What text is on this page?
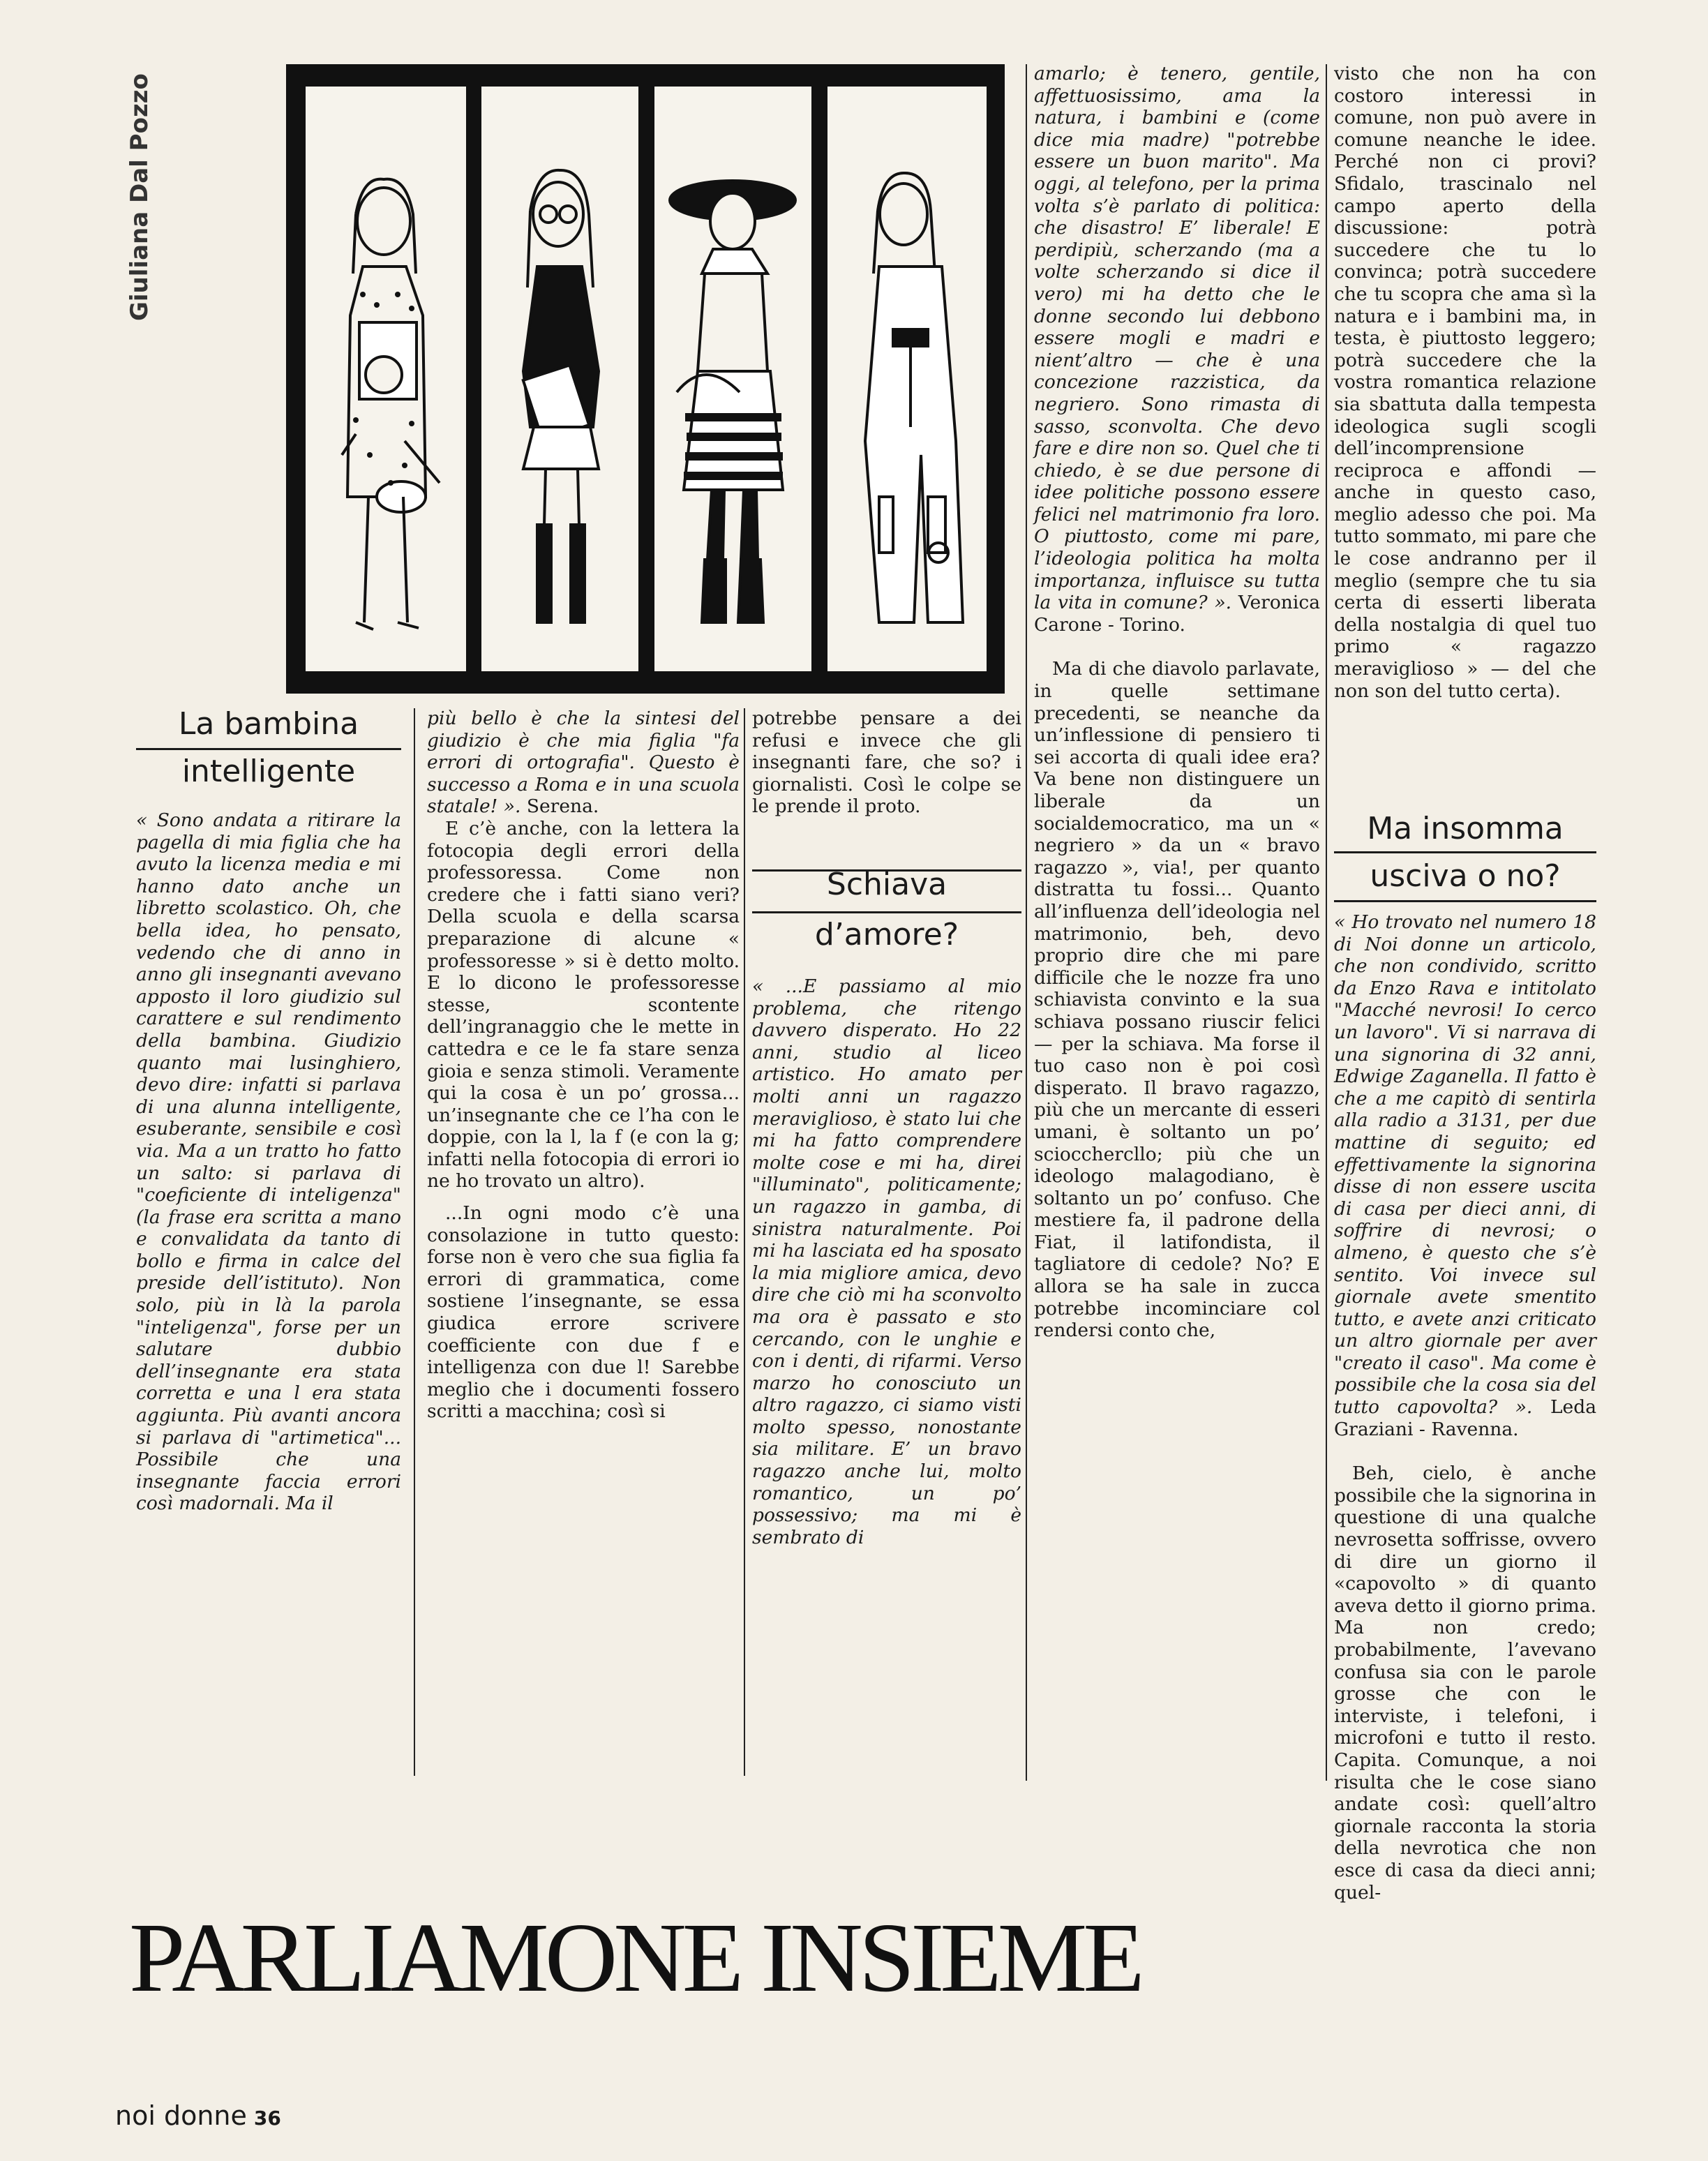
Giuliana Dal Pozzo
La bambina
intelligente

« Sono andata a ritirare la pagella di mia figlia che ha avuto la licenza media e mi hanno dato anche un libretto scolastico. Oh, che bella idea, ho pensato, vedendo che di anno in anno gli insegnanti avevano apposto il loro giudizio sul carattere e sul rendimento della bambina. Giudizio quanto mai lusinghiero, devo dire: infatti si parlava di una alunna intelligente, esuberante, sensibile e così via. Ma a un tratto ho fatto un salto: si parlava di "coeficiente di inteligenza" (la frase era scritta a mano e convalidata da tanto di bollo e firma in calce del preside dell’istituto). Non solo, più in là la parola "inteligenza", forse per un salutare dubbio dell’insegnante era stata corretta e una l era stata aggiunta. Più avanti ancora si parlava di "artimetica"... Possibile che una insegnante faccia errori così madornali. Ma il

più bello è che la sintesi del giudizio è che mia figlia "fa errori di ortografia". Questo è successo a Roma e in una scuola statale! ». Serena.

E c’è anche, con la lettera la fotocopia degli errori della professoressa. Come non credere che i fatti siano veri? Della scuola e della scarsa preparazione di alcune « professoresse » si è detto molto. E lo dicono le professoresse stesse, scontente dell’ingranaggio che le mette in cattedra e ce le fa stare senza gioia e senza stimoli. Veramente qui la cosa è un po’ grossa... un’insegnante che ce l’ha con le doppie, con la l, la f (e con la g; infatti nella fotocopia di errori io ne ho trovato un altro).

...In ogni modo c’è una consolazione in tutto questo: forse non è vero che sua figlia fa errori di grammatica, come sostiene l’insegnante, se essa giudica errore scrivere coefficiente con due f e intelligenza con due l! Sarebbe meglio che i documenti fossero scritti a macchina; così si

potrebbe pensare a dei refusi e invece che gli insegnanti fare, che so? i giornalisti. Così le colpe se le prende il proto.

Schiava
d’amore?

« ...E passiamo al mio problema, che ritengo davvero disperato. Ho 22 anni, studio al liceo artistico. Ho amato per molti anni un ragazzo meraviglioso, è stato lui che mi ha fatto comprendere molte cose e mi ha, direi "illuminato", politicamente; un ragazzo in gamba, di sinistra naturalmente. Poi mi ha lasciata ed ha sposato la mia migliore amica, devo dire che ciò mi ha sconvolto ma ora è passato e sto cercando, con le unghie e con i denti, di rifarmi. Verso marzo ho conosciuto un altro ragazzo, ci siamo visti molto spesso, nonostante sia militare. E’ un bravo ragazzo anche lui, molto romantico, un po’ possessivo; ma mi è sembrato di

amarlo; è tenero, gentile, affettuosissimo, ama la natura, i bambini e (come dice mia madre) "potrebbe essere un buon marito". Ma oggi, al telefono, per la prima volta s’è parlato di politica: che disastro! E’ liberale! E perdipiù, scherzando (ma a volte scherzando si dice il vero) mi ha detto che le donne secondo lui debbono essere mogli e madri e nient’altro — che è una concezione razzistica, da negriero. Sono rimasta di sasso, sconvolta. Che devo fare e dire non so. Quel che ti chiedo, è se due persone di idee politiche possono essere felici nel matrimonio fra loro. O piuttosto, come mi pare, l’ideologia politica ha molta importanza, influisce su tutta la vita in comune? ». Veronica Carone - Torino.

Ma di che diavolo parlavate, in quelle settimane precedenti, se neanche da un’inflessione di pensiero ti sei accorta di quali idee era? Va bene non distinguere un liberale da un socialdemocratico, ma un « negriero » da un « bravo ragazzo », via!, per quanto distratta tu fossi... Quanto all’influenza dell’ideologia nel matrimonio, beh, devo proprio dire che mi pare difficile che le nozze fra uno schiavista convinto e la sua schiava possano riuscir felici — per la schiava. Ma forse il tuo caso non è poi così disperato. Il bravo ragazzo, più che un mercante di esseri umani, è soltanto un po’ sciocchercllo; più che un ideologo malagodiano, è soltanto un po’ confuso. Che mestiere fa, il padrone della Fiat, il latifondista, il tagliatore di cedole? No? E allora se ha sale in zucca potrebbe incominciare col rendersi conto che,

visto che non ha con costoro interessi in comune, non può avere in comune neanche le idee. Perché non ci provi? Sfidalo, trascinalo nel campo aperto della discussione: potrà succedere che tu lo convinca; potrà succedere che tu scopra che ama sì la natura e i bambini ma, in testa, è piuttosto leggero; potrà succedere che la vostra romantica relazione sia sbattuta dalla tempesta ideologica sugli scogli dell’incomprensione reciproca e affondi — anche in questo caso, meglio adesso che poi. Ma tutto sommato, mi pare che le cose andranno per il meglio (sempre che tu sia certa di esserti liberata della nostalgia di quel tuo primo « ragazzo meraviglioso » — del che non son del tutto certa).

Ma insomma
usciva o no?

« Ho trovato nel numero 18 di Noi donne un articolo, che non condivido, scritto da Enzo Rava e intitolato "Macché nevrosi! Io cerco un lavoro". Vi si narrava di una signorina di 32 anni, Edwige Zaganella. Il fatto è che a me capitò di sentirla alla radio a 3131, per due mattine di seguito; ed effettivamente la signorina disse di non essere uscita di casa per dieci anni, di soffrire di nevrosi; o almeno, è questo che s’è sentito. Voi invece sul giornale avete smentito tutto, e avete anzi criticato un altro giornale per aver "creato il caso". Ma come è possibile che la cosa sia del tutto capovolta? ». Leda Graziani - Ravenna.

Beh, cielo, è anche possibile che la signorina in questione di una qualche nevrosetta soffrisse, ovvero di dire un giorno il «capovolto » di quanto aveva detto il giorno prima. Ma non credo; probabilmente, l’avevano confusa sia con le parole grosse che con le interviste, i telefoni, i microfoni e tutto il resto. Capita. Comunque, a noi risulta che le cose siano andate così: quell’altro giornale racconta la storia della nevrotica che non esce di casa da dieci anni; quel-

PARLIAMONE INSIEME
noi donne 36
